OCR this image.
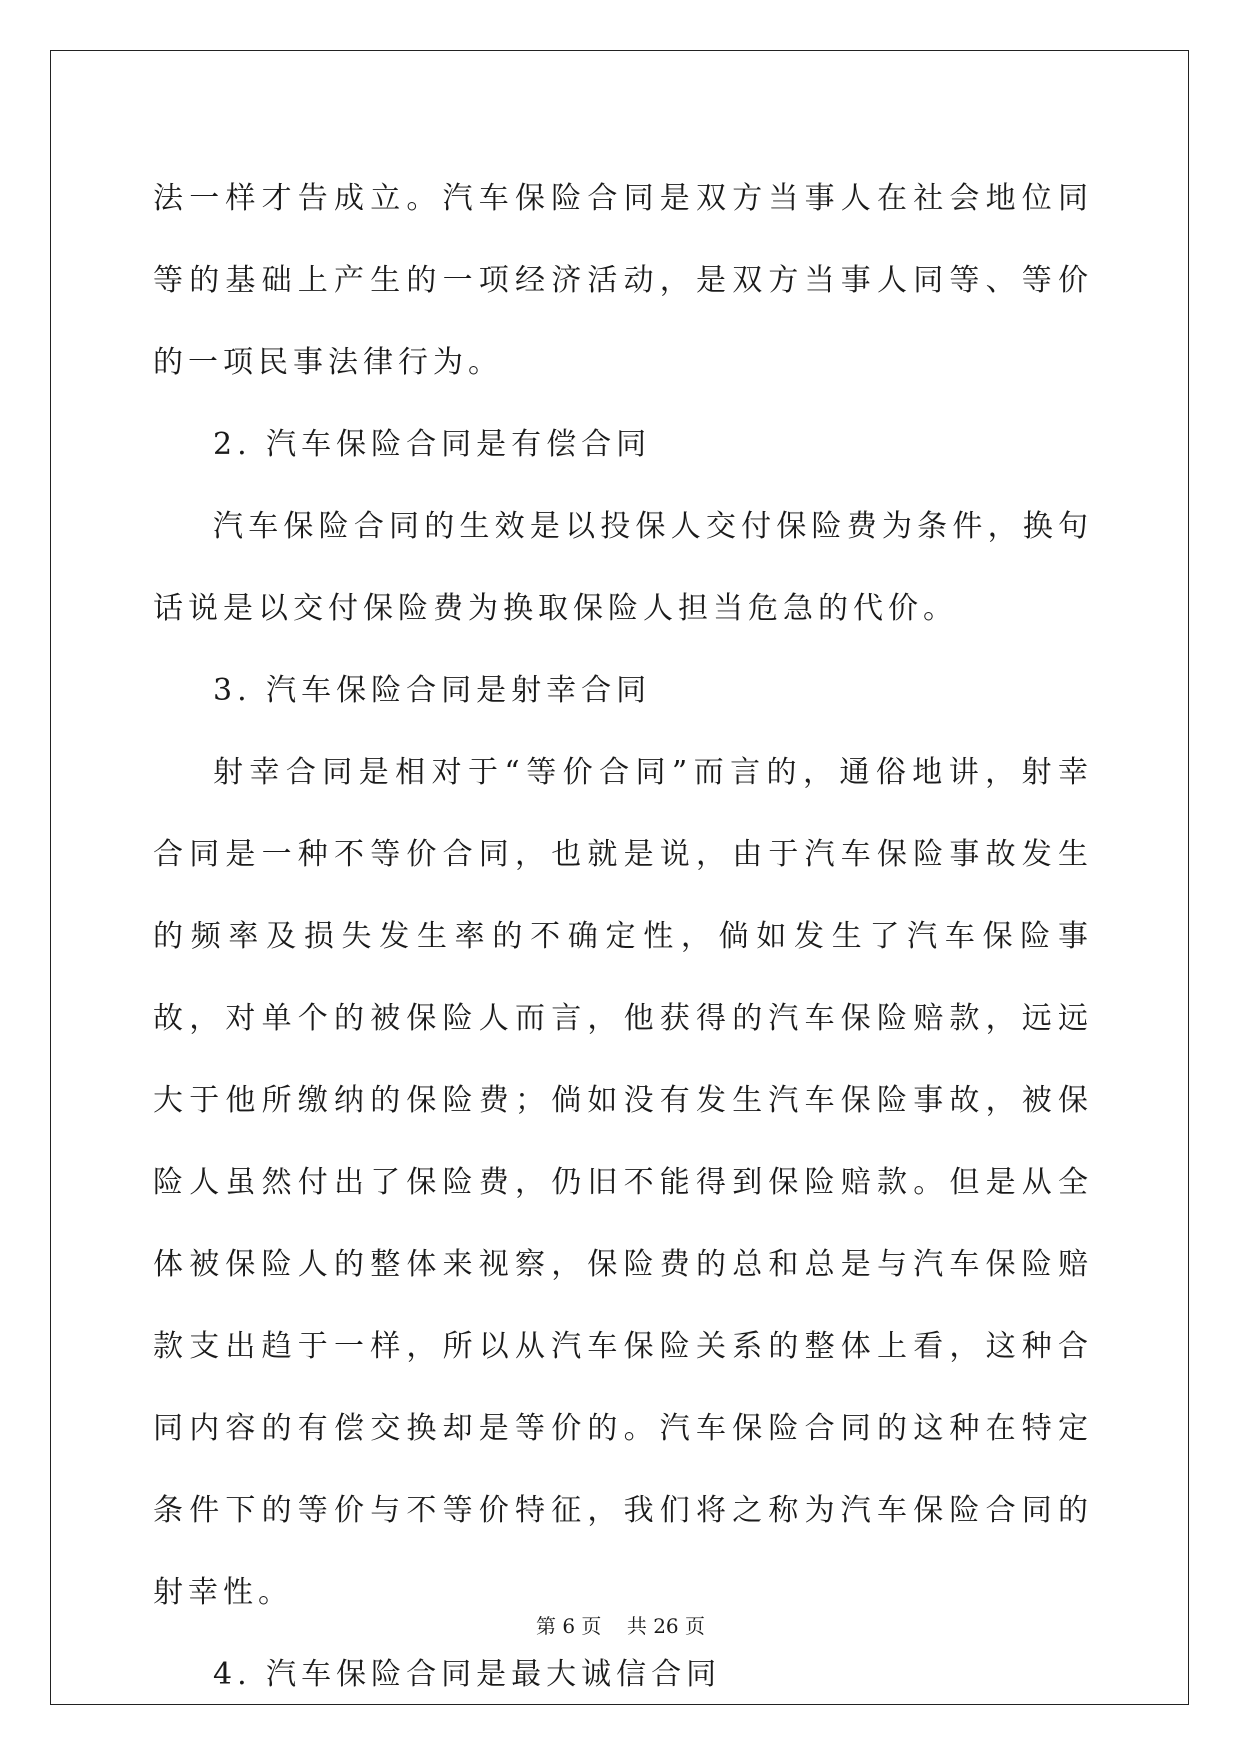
法一样才告成立。汽车保险合同是双方当事人在社会地位同等的基础上产生的一项经济活动，是双方当事人同等、等价的一项民事法律行为。

2. 汽车保险合同是有偿合同

汽车保险合同的生效是以投保人交付保险费为条件，换句话说是以交付保险费为换取保险人担当危急的代价。

3. 汽车保险合同是射幸合同

射幸合同是相对于“等价合同”而言的，通俗地讲，射幸合同是一种不等价合同，也就是说，由于汽车保险事故发生的频率及损失发生率的不确定性，倘如发生了汽车保险事故，对单个的被保险人而言，他获得的汽车保险赔款，远远大于他所缴纳的保险费；倘如没有发生汽车保险事故，被保险人虽然付出了保险费，仍旧不能得到保险赔款。但是从全体被保险人的整体来视察，保险费的总和总是与汽车保险赔款支出趋于一样，所以从汽车保险关系的整体上看，这种合同内容的有偿交换却是等价的。汽车保险合同的这种在特定条件下的等价与不等价特征，我们将之称为汽车保险合同的射幸性。

4. 汽车保险合同是最大诚信合同

第 6 页    共 26 页
